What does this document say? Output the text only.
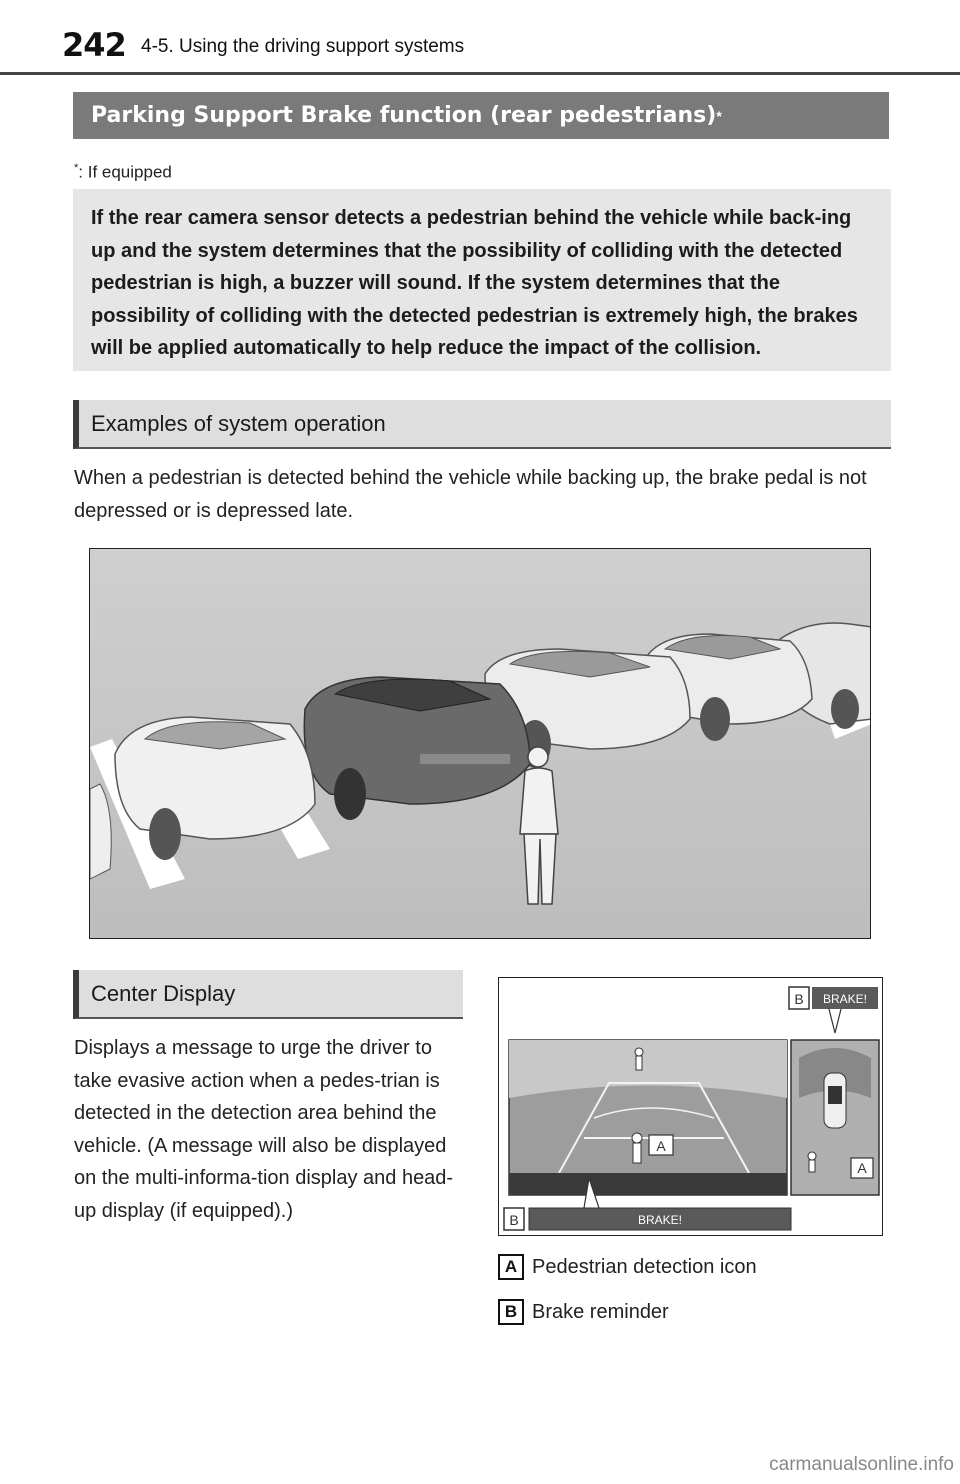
242 4-5. Using the driving support systems
Parking Support Brake function (rear pedestrians) *
*: If equipped
If the rear camera sensor detects a pedestrian behind the vehicle while back-ing up and the system determines that the possibility of colliding with the detected pedestrian is high, a buzzer will sound. If the system determines that the possibility of colliding with the detected pedestrian is extremely high, the brakes will be applied automatically to help reduce the impact of the collision.
Examples of system operation
When a pedestrian is detected behind the vehicle while backing up, the brake pedal is not depressed or is depressed late.
Center Display
Displays a message to urge the driver to take evasive action when a pedes-trian is detected in the detection area behind the vehicle. (A message will also be displayed on the multi-informa-tion display and head-up display (if equipped).)
B BRAKE!
A
A
B	BRAKE!
A Pedestrian detection icon
B Brake reminder
carmanualsonline.info
